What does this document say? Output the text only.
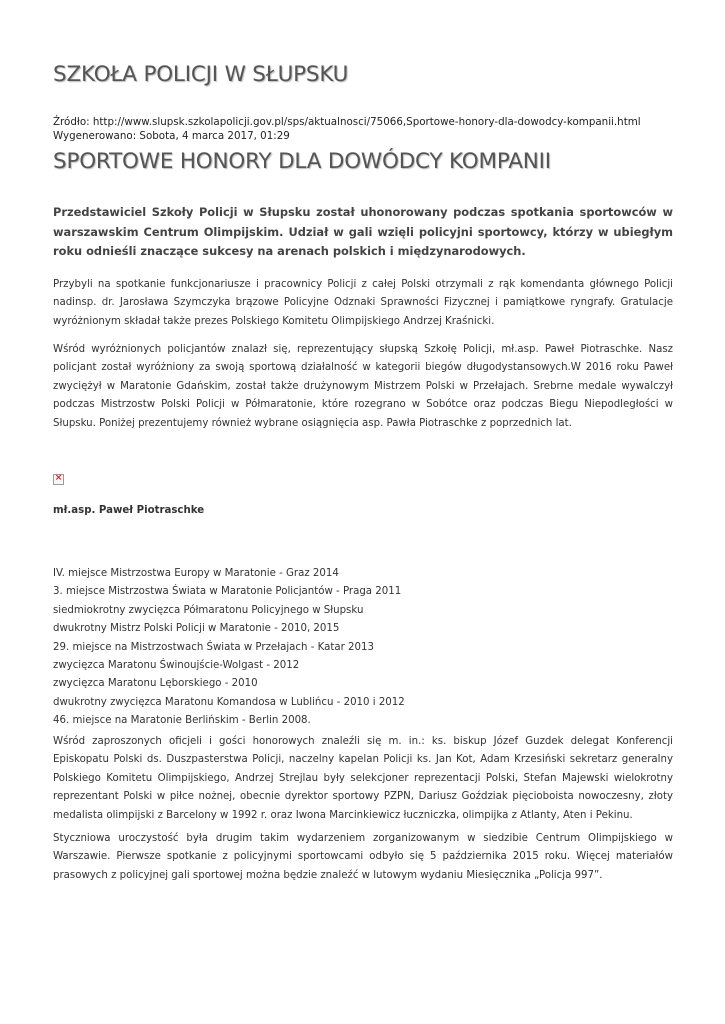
SZKOŁA POLICJI W SŁUPSKU
Źródło: http://www.slupsk.szkolapolicji.gov.pl/sps/aktualnosci/75066,Sportowe-honory-dla-dowodcy-kompanii.html
Wygenerowano: Sobota, 4 marca 2017, 01:29
SPORTOWE HONORY DLA DOWÓDCY KOMPANII

Przedstawiciel Szkoły Policji w Słupsku został uhonorowany podczas spotkania sportowców w warszawskim Centrum Olimpijskim. Udział w gali wzięli policyjni sportowcy, którzy w ubiegłym roku odnieśli znaczące sukcesy na arenach polskich i międzynarodowych.

Przybyli na spotkanie funkcjonariusze i pracownicy Policji z całej Polski otrzymali z rąk komendanta głównego Policji nadinsp. dr. Jarosława Szymczyka brązowe Policyjne Odznaki Sprawności Fizycznej i pamiątkowe ryngrafy. Gratulacje wyróżnionym składał także prezes Polskiego Komitetu Olimpijskiego Andrzej Kraśnicki.

Wśród wyróżnionych policjantów znalazł się, reprezentujący słupską Szkołę Policji, mł.asp. Paweł Piotraschke. Nasz policjant został wyróżniony za swoją sportową działalność w kategorii biegów długodystansowych.W 2016 roku Paweł zwyciężył w Maratonie Gdańskim, został także drużynowym Mistrzem Polski w Przełajach. Srebrne medale wywalczył podczas Mistrzostw Polski Policji w Półmaratonie, które rozegrano w Sobótce oraz podczas Biegu Niepodległości w Słupsku. Poniżej prezentujemy również wybrane osiągnięcia asp. Pawła Piotraschke z poprzednich lat.

×

mł.asp. Paweł Piotraschke

IV. miejsce Mistrzostwa Europy w Maratonie - Graz 2014
3. miejsce Mistrzostwa Świata w Maratonie Policjantów - Praga 2011
siedmiokrotny zwycięzca Półmaratonu Policyjnego w Słupsku
dwukrotny Mistrz Polski Policji w Maratonie - 2010, 2015
29. miejsce na Mistrzostwach Świata w Przełajach - Katar 2013
zwycięzca Maratonu Świnoujście-Wolgast - 2012
zwycięzca Maratonu Lęborskiego - 2010
dwukrotny zwycięzca Maratonu Komandosa w Lublińcu - 2010 i 2012
46. miejsce na Maratonie Berlińskim - Berlin 2008.

Wśród zaproszonych oficjeli i gości honorowych znaleźli się m. in.: ks. biskup Józef Guzdek delegat Konferencji Episkopatu Polski ds. Duszpasterstwa Policji, naczelny kapelan Policji ks. Jan Kot, Adam Krzesiński sekretarz generalny Polskiego Komitetu Olimpijskiego, Andrzej Strejlau były selekcjoner reprezentacji Polski, Stefan Majewski wielokrotny reprezentant Polski w piłce nożnej, obecnie dyrektor sportowy PZPN, Dariusz Goździak pięcioboista nowoczesny, złoty medalista olimpijski z Barcelony w 1992 r. oraz Iwona Marcinkiewicz łuczniczka, olimpijka z Atlanty, Aten i Pekinu.

Styczniowa uroczystość była drugim takim wydarzeniem zorganizowanym w siedzibie Centrum Olimpijskiego w Warszawie. Pierwsze spotkanie z policyjnymi sportowcami odbyło się 5 października 2015 roku. Więcej materiałów prasowych z policyjnej gali sportowej można będzie znaleźć w lutowym wydaniu Miesięcznika „Policja 997”.
